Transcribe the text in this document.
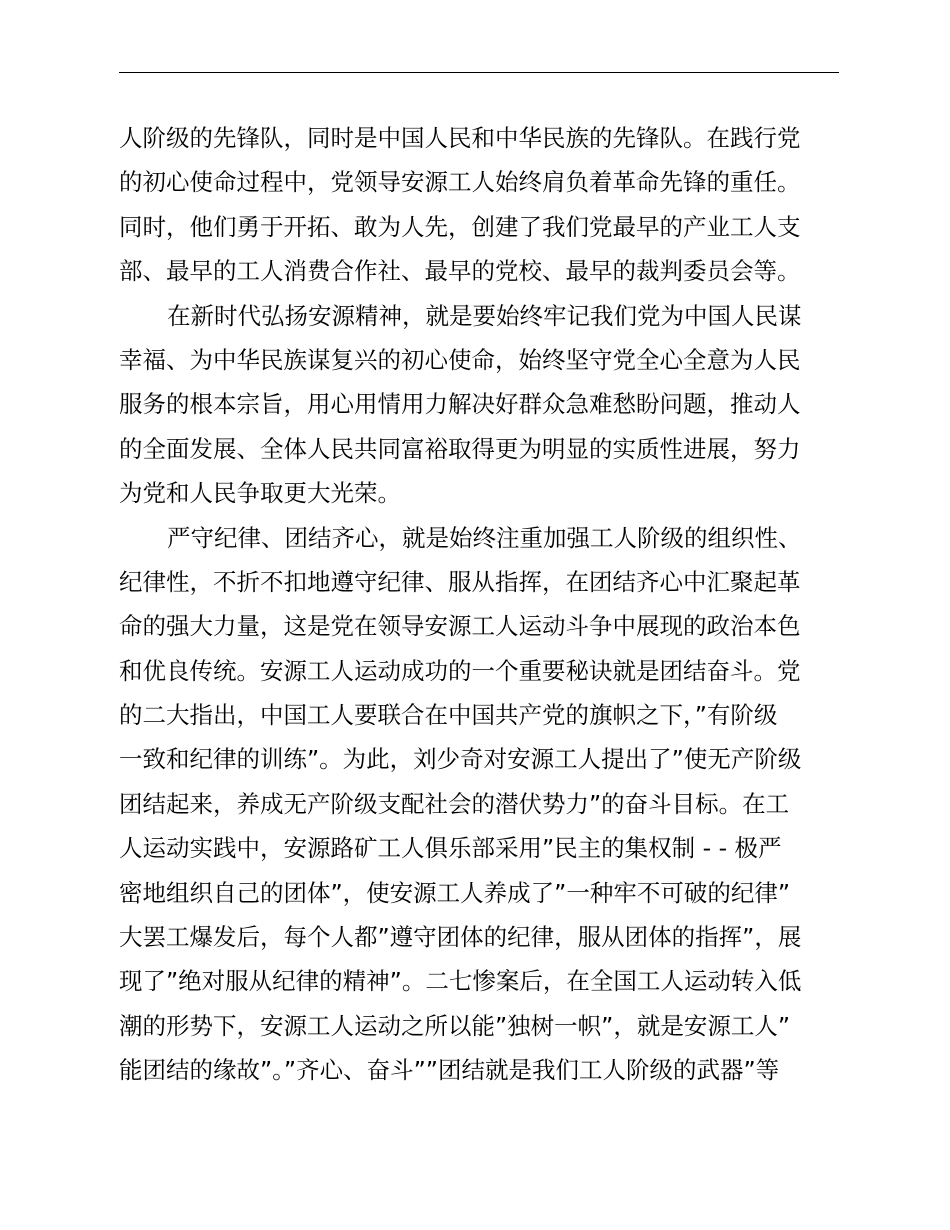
人阶级的先锋队，同时是中国人民和中华民族的先锋队。在践行党
的初心使命过程中，党领导安源工人始终肩负着革命先锋的重任。
同时，他们勇于开拓、敢为人先，创建了我们党最早的产业工人支
部、最早的工人消费合作社、最早的党校、最早的裁判委员会等。
在新时代弘扬安源精神，就是要始终牢记我们党为中国人民谋
幸福、为中华民族谋复兴的初心使命，始终坚守党全心全意为人民
服务的根本宗旨，用心用情用力解决好群众急难愁盼问题，推动人
的全面发展、全体人民共同富裕取得更为明显的实质性进展，努力
为党和人民争取更大光荣。
严守纪律、团结齐心，就是始终注重加强工人阶级的组织性、
纪律性，不折不扣地遵守纪律、服从指挥，在团结齐心中汇聚起革
命的强大力量，这是党在领导安源工人运动斗争中展现的政治本色
和优良传统。安源工人运动成功的一个重要秘诀就是团结奋斗。党
的二大指出，中国工人要联合在中国共产党的旗帜之下，”有阶级
一致和纪律的训练”。为此，刘少奇对安源工人提出了”使无产阶级
团结起来，养成无产阶级支配社会的潜伏势力”的奋斗目标。在工
人运动实践中，安源路矿工人俱乐部采用”民主的集权制 - - 极严
密地组织自己的团体”，使安源工人养成了”一种牢不可破的纪律”
大罢工爆发后，每个人都”遵守团体的纪律，服从团体的指挥”，展
现了”绝对服从纪律的精神”。二七惨案后，在全国工人运动转入低
潮的形势下，安源工人运动之所以能”独树一帜”，就是安源工人”
能团结的缘故”。”齐心、奋斗””团结就是我们工人阶级的武器”等
